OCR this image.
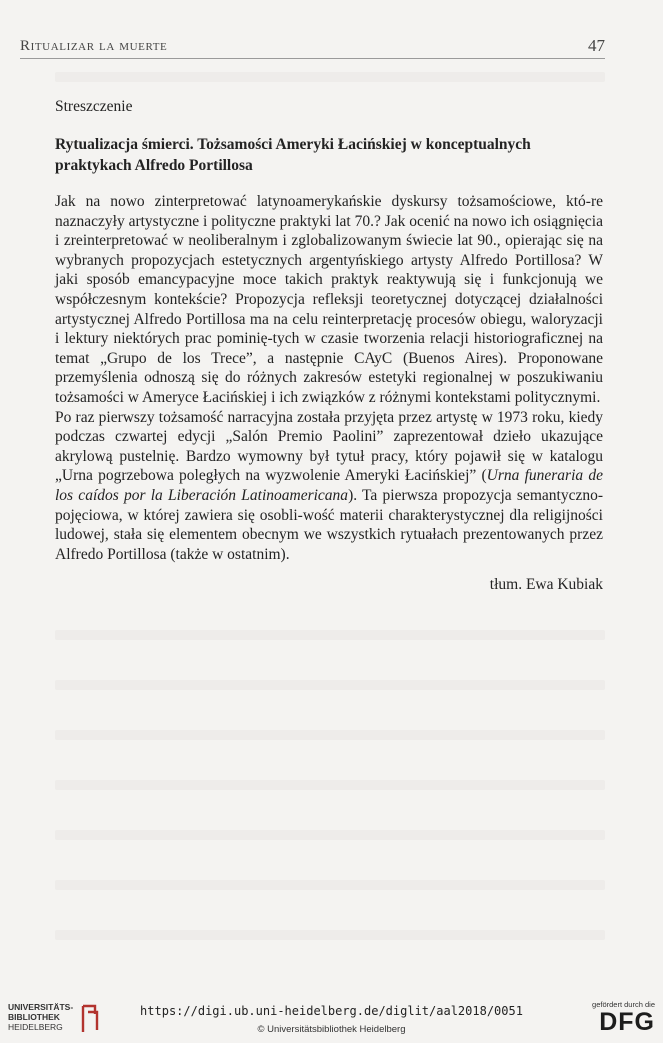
Ritualizar la muerte	47
Streszczenie
Rytualizacja śmierci. Tożsamości Ameryki Łacińskiej w konceptualnych praktykach Alfredo Portillosa

Jak na nowo zinterpretować latynoamerykańskie dyskursy tożsamościowe, któ-re naznaczyły artystyczne i polityczne praktyki lat 70.? Jak ocenić na nowo ich osiągnięcia i zreinterpretować w neoliberalnym i zglobalizowanym świecie lat 90., opierając się na wybranych propozycjach estetycznych argentyńskiego artysty Alfredo Portillosa? W jaki sposób emancypacyjne moce takich praktyk reaktywują się i funkcjonują we współczesnym kontekście? Propozycja refleksji teoretycznej dotyczącej działalności artystycznej Alfredo Portillosa ma na celu reinterpretację procesów obiegu, waloryzacji i lektury niektórych prac pominię-tych w czasie tworzenia relacji historiograficznej na temat „Grupo de los Trece”, a następnie CAyC (Buenos Aires). Proponowane przemyślenia odnoszą się do różnych zakresów estetyki regionalnej w poszukiwaniu tożsamości w Ameryce Łacińskiej i ich związków z różnymi kontekstami politycznymi.

Po raz pierwszy tożsamość narracyjna została przyjęta przez artystę w 1973 roku, kiedy podczas czwartej edycji „Salón Premio Paolini” zaprezentował dzieło ukazujące akrylową pustelnię. Bardzo wymowny był tytuł pracy, który pojawił się w katalogu „Urna pogrzebowa poległych na wyzwolenie Ameryki Łacińskiej” (Urna funeraria de los caídos por la Liberación Latinoamericana). Ta pierwsza propozycja semantyczno-pojęciowa, w której zawiera się osobli-wość materii charakterystycznej dla religijności ludowej, stała się elementem obecnym we wszystkich rytuałach prezentowanych przez Alfredo Portillosa (także w ostatnim).

tłum. Ewa Kubiak
UNIVERSITÄTS-
BIBLIOTHEK
HEIDELBERG
https://digi.ub.uni-heidelberg.de/diglit/aal2018/0051
© Universitätsbibliothek Heidelberg
gefördert durch die
DFG
